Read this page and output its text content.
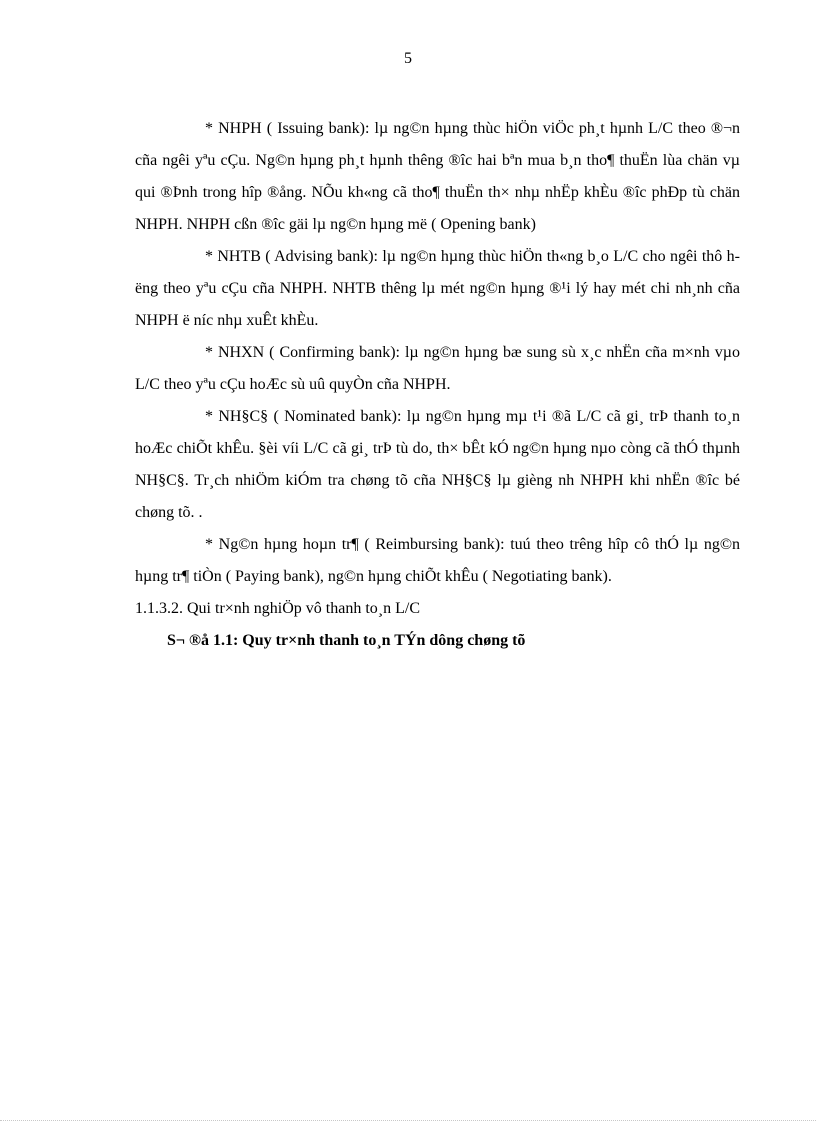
5

* NHPH ( Issuing bank): lµ ng©n hµng thùc hiÖn viÖc ph¸t hµnh L/C theo ®¬n cña ngêi yªu cÇu. Ng©n hµng ph¸t hµnh thêng ®îc hai bªn mua b¸n tho¶ thuËn lùa chän vµ qui ®Þnh trong hîp ®ång. NÕu kh«ng cã tho¶ thuËn th× nhµ nhËp khÈu ®îc phÐp tù chän NHPH. NHPH cßn ®îc gäi lµ ng©n hµng më ( Opening bank)

* NHTB ( Advising bank): lµ ng©n hµng thùc hiÖn th«ng b¸o L/C cho ngêi thô hëng theo yªu cÇu cña NHPH. NHTB thêng lµ mét ng©n hµng ®¹i lý hay mét chi nh¸nh cña NHPH ë níc nhµ xuÊt khÈu.

* NHXN ( Confirming bank): lµ ng©n hµng bæ sung sù x¸c nhËn cña m×nh vµo L/C theo yªu cÇu hoÆc sù uû quyÒn cña NHPH.

* NH§C§ ( Nominated bank): lµ ng©n hµng mµ t¹i ®ã L/C cã gi¸ trÞ thanh to¸n hoÆc chiÕt khÊu. §èi víi L/C cã gi¸ trÞ tù do, th× bÊt kÓ ng©n hµng nµo còng cã thÓ thµnh NH§C§. Tr¸ch nhiÖm kiÓm tra chøng tõ cña NH§C§ lµ gièng nh NHPH khi nhËn ®îc bé chøng tõ. .

* Ng©n hµng hoµn tr¶ ( Reimbursing bank): tuú theo trêng hîp cô thÓ lµ ng©n hµng tr¶ tiÒn ( Paying bank), ng©n hµng chiÕt khÊu ( Negotiating bank).

1.1.3.2. Qui tr×nh nghiÖp vô thanh to¸n L/C

S¬ ®å 1.1: Quy tr×nh thanh to¸n TÝn dông chøng tõ
